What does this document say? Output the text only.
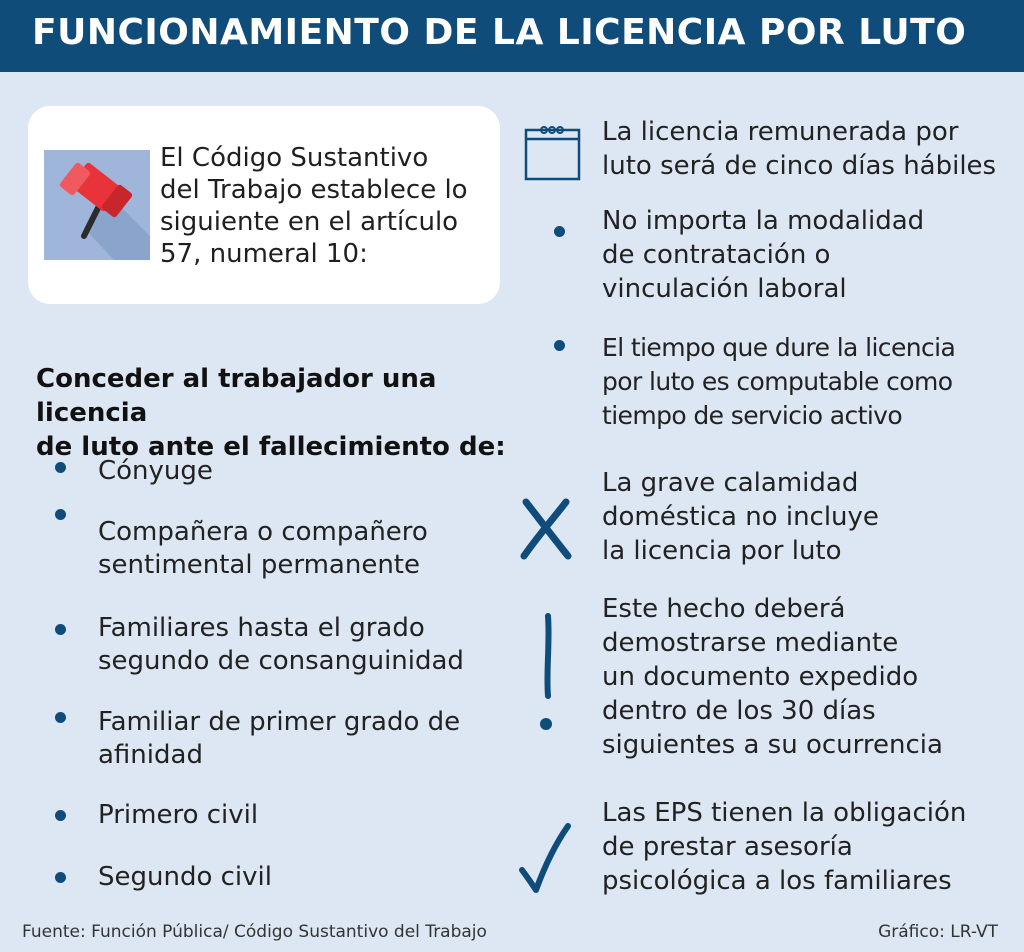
FUNCIONAMIENTO DE LA LICENCIA POR LUTO
El Código Sustantivo
del Trabajo establece lo
siguiente en el artículo
57, numeral 10:
Conceder al trabajador una licencia
de luto ante el fallecimiento de:
Cónyuge
Compañera o compañero
sentimental permanente
Familiares hasta el grado
segundo de consanguinidad
Familiar de primer grado de
afinidad
Primero civil
Segundo civil
La licencia remunerada por
luto será de cinco días hábiles
No importa la modalidad
de contratación o
vinculación laboral
El tiempo que dure la licencia
por luto es computable como
tiempo de servicio activo
La grave calamidad
doméstica no incluye
la licencia por luto
Este hecho deberá
demostrarse mediante
un documento expedido
dentro de los 30 días
siguientes a su ocurrencia
Las EPS tienen la obligación
de prestar asesoría
psicológica a los familiares
Fuente: Función Pública/ Código Sustantivo del Trabajo	Gráfico: LR-VT
